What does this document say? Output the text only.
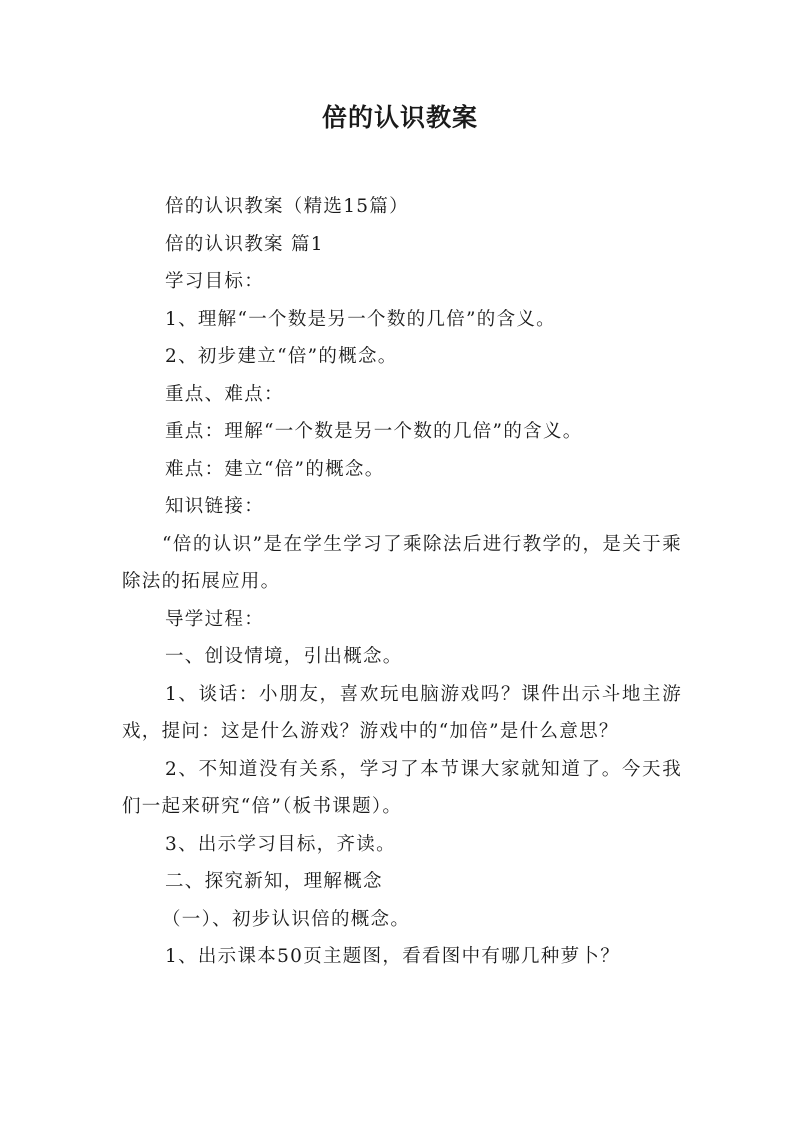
倍的认识教案

倍的认识教案（精选15篇）

倍的认识教案 篇1

学习目标：

1、理解“一个数是另一个数的几倍”的含义。

2、初步建立“倍”的概念。

重点、难点：

重点：理解“一个数是另一个数的几倍”的含义。

难点：建立“倍”的概念。

知识链接：

“倍的认识”是在学生学习了乘除法后进行教学的，是关于乘除法的拓展应用。

导学过程：

一、创设情境，引出概念。

1、谈话：小朋友，喜欢玩电脑游戏吗？课件出示斗地主游戏，提问：这是什么游戏？游戏中的“加倍”是什么意思？

2、不知道没有关系，学习了本节课大家就知道了。今天我们一起来研究“倍”（板书课题）。

3、出示学习目标，齐读。

二、探究新知，理解概念

（一）、初步认识倍的概念。

1、出示课本50页主题图，看看图中有哪几种萝卜？
